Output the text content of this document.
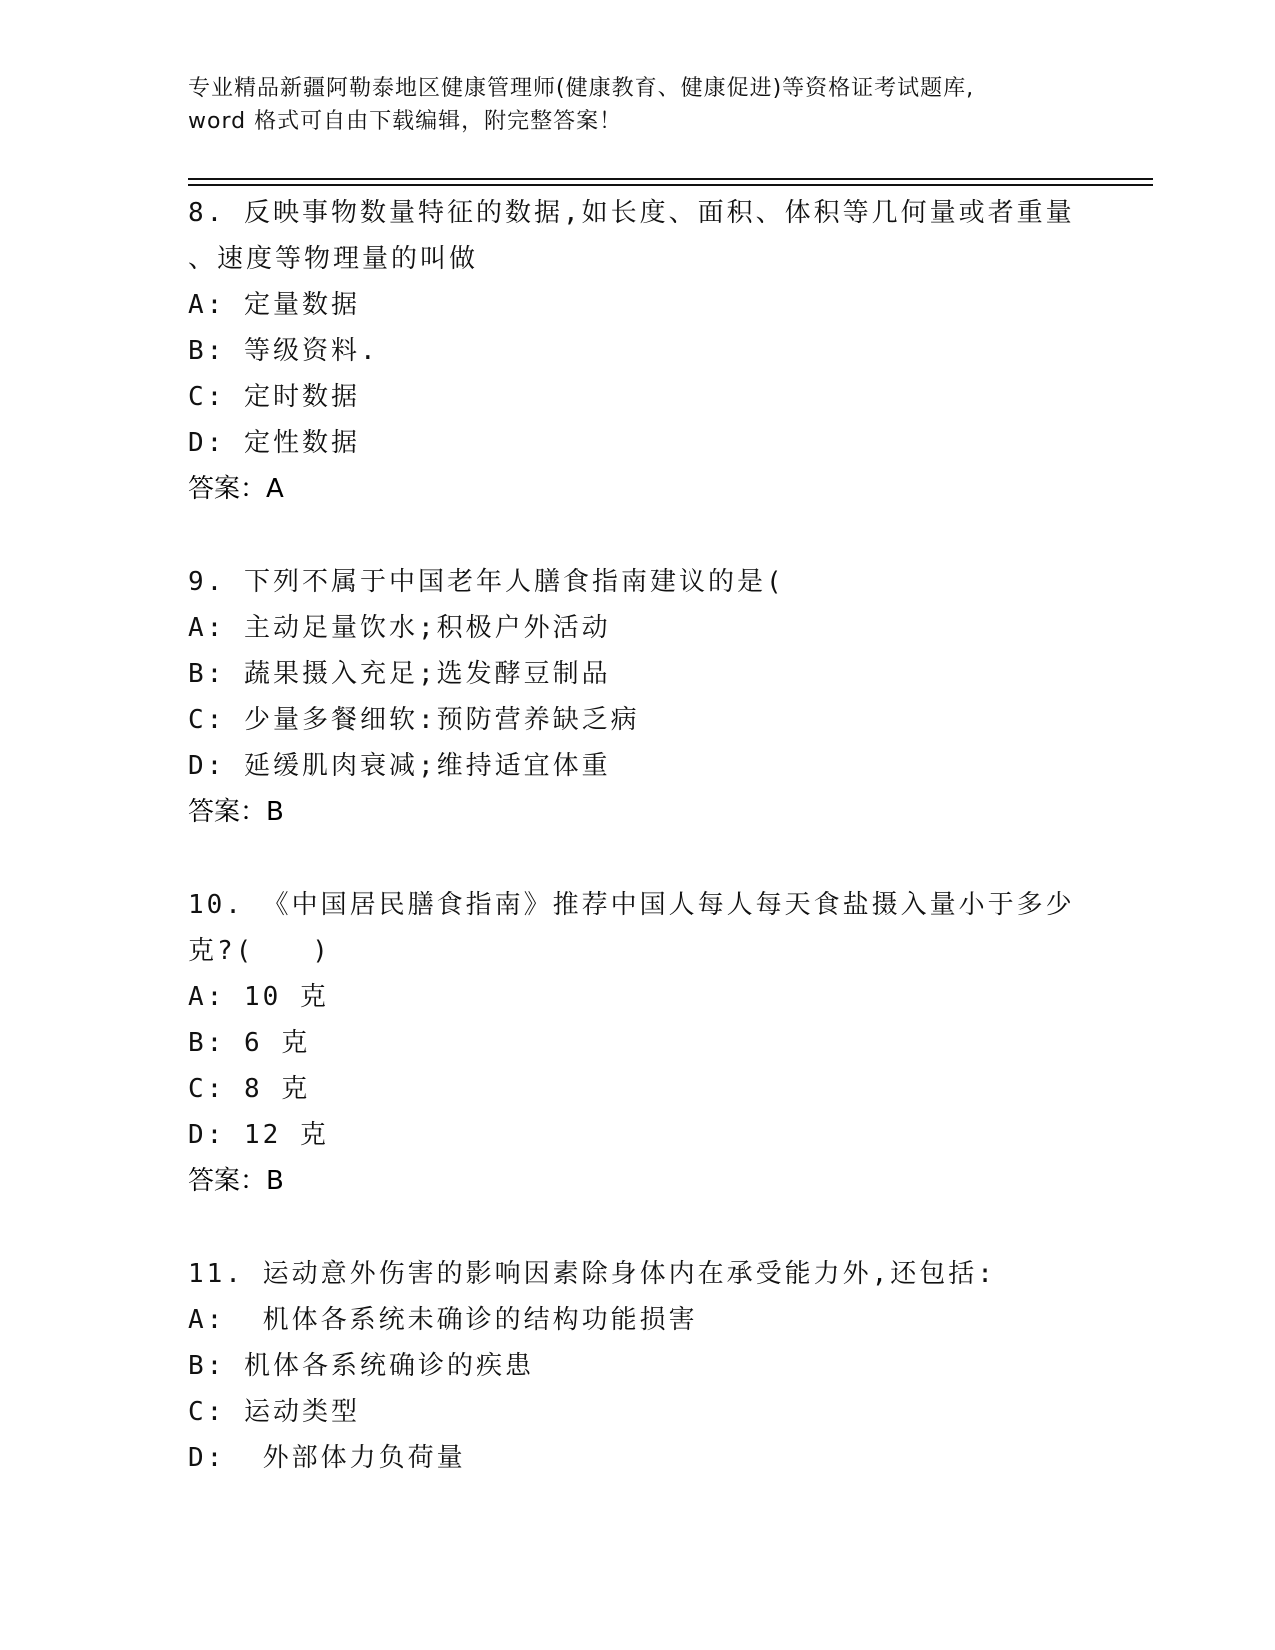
专业精品新疆阿勒泰地区健康管理师(健康教育、健康促进)等资格证考试题库,
word 格式可自由下载编辑，附完整答案！
8. 反映事物数量特征的数据,如长度、面积、体积等几何量或者重量
、速度等物理量的叫做
A: 定量数据
B: 等级资料.
C: 定时数据
D: 定性数据
答案：A
9. 下列不属于中国老年人膳食指南建议的是(
A: 主动足量饮水;积极户外活动
B: 蔬果摄入充足;选发酵豆制品
C: 少量多餐细软:预防营养缺乏病
D: 延缓肌肉衰减;维持适宜体重
答案：B
10. 《中国居民膳食指南》推荐中国人每人每天食盐摄入量小于多少
克?(　　)
A: 10 克
B: 6 克
C: 8 克
D: 12 克
答案：B
11. 运动意外伤害的影响因素除身体内在承受能力外,还包括:
A:  机体各系统未确诊的结构功能损害
B: 机体各系统确诊的疾患
C: 运动类型
D:  外部体力负荷量
